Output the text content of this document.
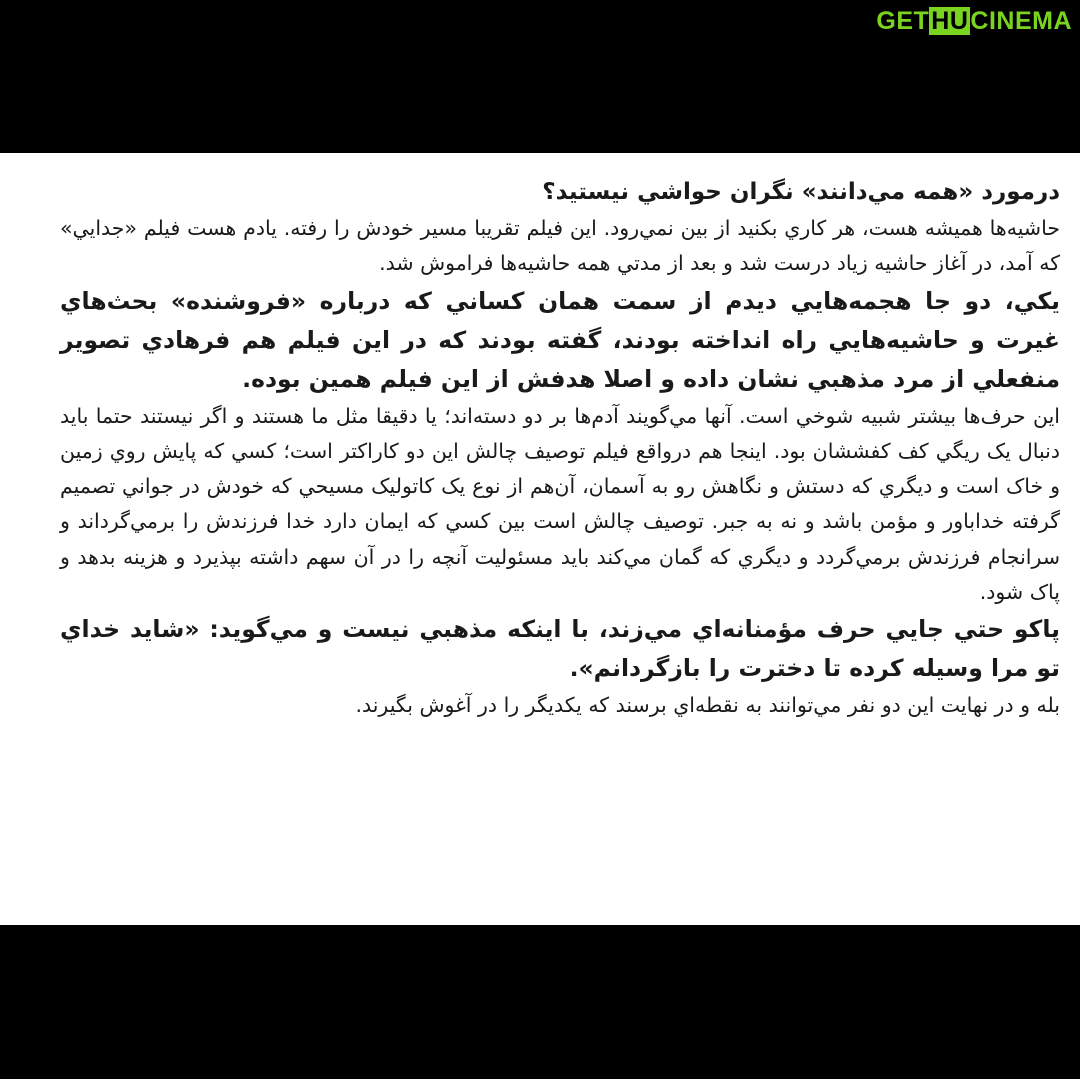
GETHUCINEMA

درمورد «همه مي‌دانند» نگران حواشي نيستيد؟

حاشيه‌ها هميشه هست، هر كاري بكنيد از بين نمي‌رود. اين فيلم تقريبا مسير خودش را رفته. يادم هست فيلم «جدايي» كه آمد، در آغاز حاشيه زياد درست شد و بعد از مدتي همه حاشيه‌ها فراموش شد.

يكي، دو جا هجمه‌هايي ديدم از سمت همان كساني كه درباره «فروشنده» بحث‌هاي غيرت و حاشيه‌هايي راه انداخته بودند، گفته بودند كه در اين فيلم هم فرهادي تصوير منفعلي از مرد مذهبي نشان داده و اصلا هدفش از اين فيلم همين بوده.

اين حرف‌ها بيشتر شبيه شوخي است. آنها مي‌گويند آدم‌ها بر دو دسته‌اند؛ يا دقيقا مثل ما هستند و اگر نيستند حتما بايد دنبال يک ريگي كف كفششان بود. اينجا هم درواقع فيلم توصيف چالش اين دو كاراكتر است؛ كسي كه پايش روي زمين و خاک است و ديگري كه دستش و نگاهش رو به آسمان، آن‌هم از نوع يک كاتوليک مسيحي كه خودش در جواني تصميم گرفته خداباور و مؤمن باشد و نه به جبر. توصيف چالش است بين كسي كه ايمان دارد خدا فرزندش را برمي‌گرداند و سرانجام فرزندش برمي‌گردد و ديگري كه گمان مي‌كند بايد مسئوليت آنچه را در آن سهم داشته بپذيرد و هزينه بدهد و پاک شود.

پاكو حتي جايي حرف مؤمنانه‌اي مي‌زند، با اينكه مذهبي نيست و مي‌گويد: «شايد خداي تو مرا وسيله كرده تا دخترت را بازگردانم».

بله و در نهايت اين دو نفر مي‌توانند به نقطه‌اي برسند كه يكديگر را در آغوش بگيرند.
